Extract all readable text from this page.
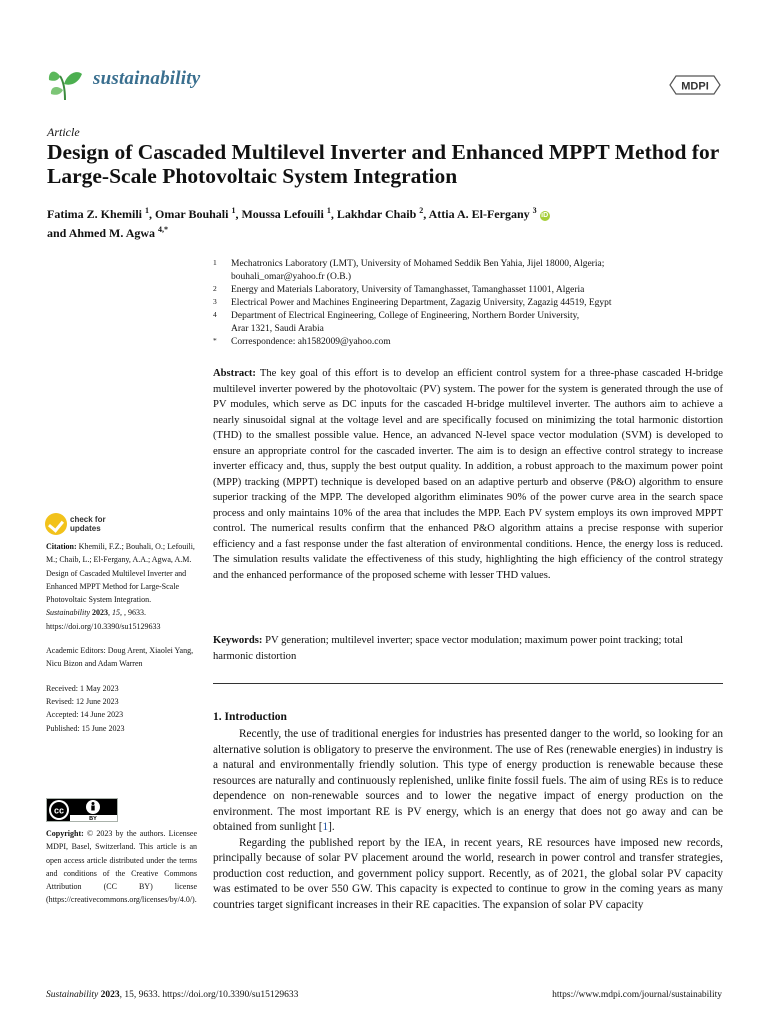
sustainability	MDPI
Article
Design of Cascaded Multilevel Inverter and Enhanced MPPT Method for Large-Scale Photovoltaic System Integration
Fatima Z. Khemili $^1$, Omar Bouhali $^1$, Moussa Lefouili $^1$, Lakhdar Chaib $^2$, Attia A. El-Fergany $^3$ iD
and Ahmed M. Agwa $^{4,*}$
1 Mechatronics Laboratory (LMT), University of Mohamed Seddik Ben Yahia, Jijel 18000, Algeria;
bouhali_omar@yahoo.fr (O.B.)
2 Energy and Materials Laboratory, University of Tamanghasset, Tamanghasset 11001, Algeria
3 Electrical Power and Machines Engineering Department, Zagazig University, Zagazig 44519, Egypt
4 Department of Electrical Engineering, College of Engineering, Northern Border University,
Arar 1321, Saudi Arabia
* Correspondence: ah1582009@yahoo.com
Abstract: The key goal of this effort is to develop an efficient control system for a three-phase cascaded H-bridge multilevel inverter powered by the photovoltaic (PV) system. The power for the system is generated through the use of PV modules, which serve as DC inputs for the cascaded H-bridge multilevel inverter. The authors aim to achieve a nearly sinusoidal signal at the voltage level and are specifically focused on minimizing the total harmonic distortion (THD) to the smallest possible value. Hence, an advanced N-level space vector modulation (SVM) is developed to ensure an appropriate control for the cascaded inverter. The aim is to design an effective control strategy to increase inverter efficacy and, thus, supply the best output quality. In addition, a robust approach to the maximum power point (MPP) tracking (MPPT) technique is developed based on an adaptive perturb and observe (P&O) algorithm to ensure superior tracking of the MPP. The developed algorithm eliminates 90% of the power curve area in the search space process and only maintains 10% of the area that includes the MPP. Each PV system employs its own improved MPPT control. The numerical results confirm that the enhanced P&O algorithm attains a precise response with superior efficiency and a fast response under the fast alteration of environmental conditions. Hence, the energy loss is reduced. The simulation results validate the effectiveness of this study, highlighting the high efficiency of the control strategy and the enhanced performance of the proposed scheme with lesser THD values.
Keywords: PV generation; multilevel inverter; space vector modulation; maximum power point tracking; total harmonic distortion
1. Introduction

Recently, the use of traditional energies for industries has presented danger to the world, so looking for an alternative solution is obligatory to preserve the environment. The use of Res (renewable energies) in industry is a natural and environmentally friendly solution. This type of energy production is renewable because these resources are naturally and continuously replenished, unlike finite fossil fuels. The aim of using REs is to reduce dependence on non-renewable sources and to lower the negative impact of energy production on the environment. The most important RE is PV energy, which is an energy that does not go away and can be obtained from sunlight [1].

Regarding the published report by the IEA, in recent years, RE resources have imposed new records, principally because of solar PV placement around the world, research in power control and transfer strategies, production cost reduction, and government policy support. Recently, as of 2021, the global solar PV capacity was estimated to be over 550 GW. This capacity is expected to continue to grow in the coming years as many countries target significant increases in their RE capacities. The expansion of solar PV capacity

check for
updates
Citation: Khemili, F.Z.; Bouhali, O.; Lefouili, M.; Chaib, L.; El-Fergany, A.A.; Agwa, A.M. Design of Cascaded Multilevel Inverter and Enhanced MPPT Method for Large-Scale Photovoltaic System Integration. Sustainability 2023, 15, , 9633. https://doi.org/10.3390/su15129633
Academic Editors: Doug Arent, Xiaolei Yang, Nicu Bizon and Adam Warren
Received: 1 May 2023
Revised: 12 June 2023
Accepted: 14 June 2023
Published: 15 June 2023
cc
BY
Copyright: © 2023 by the authors. Licensee MDPI, Basel, Switzerland. This article is an open access article distributed under the terms and conditions of the Creative Commons Attribution (CC BY) license (https://creativecommons.org/licenses/by/4.0/).
Sustainability 2023, 15, 9633. https://doi.org/10.3390/su15129633	https://www.mdpi.com/journal/sustainability
